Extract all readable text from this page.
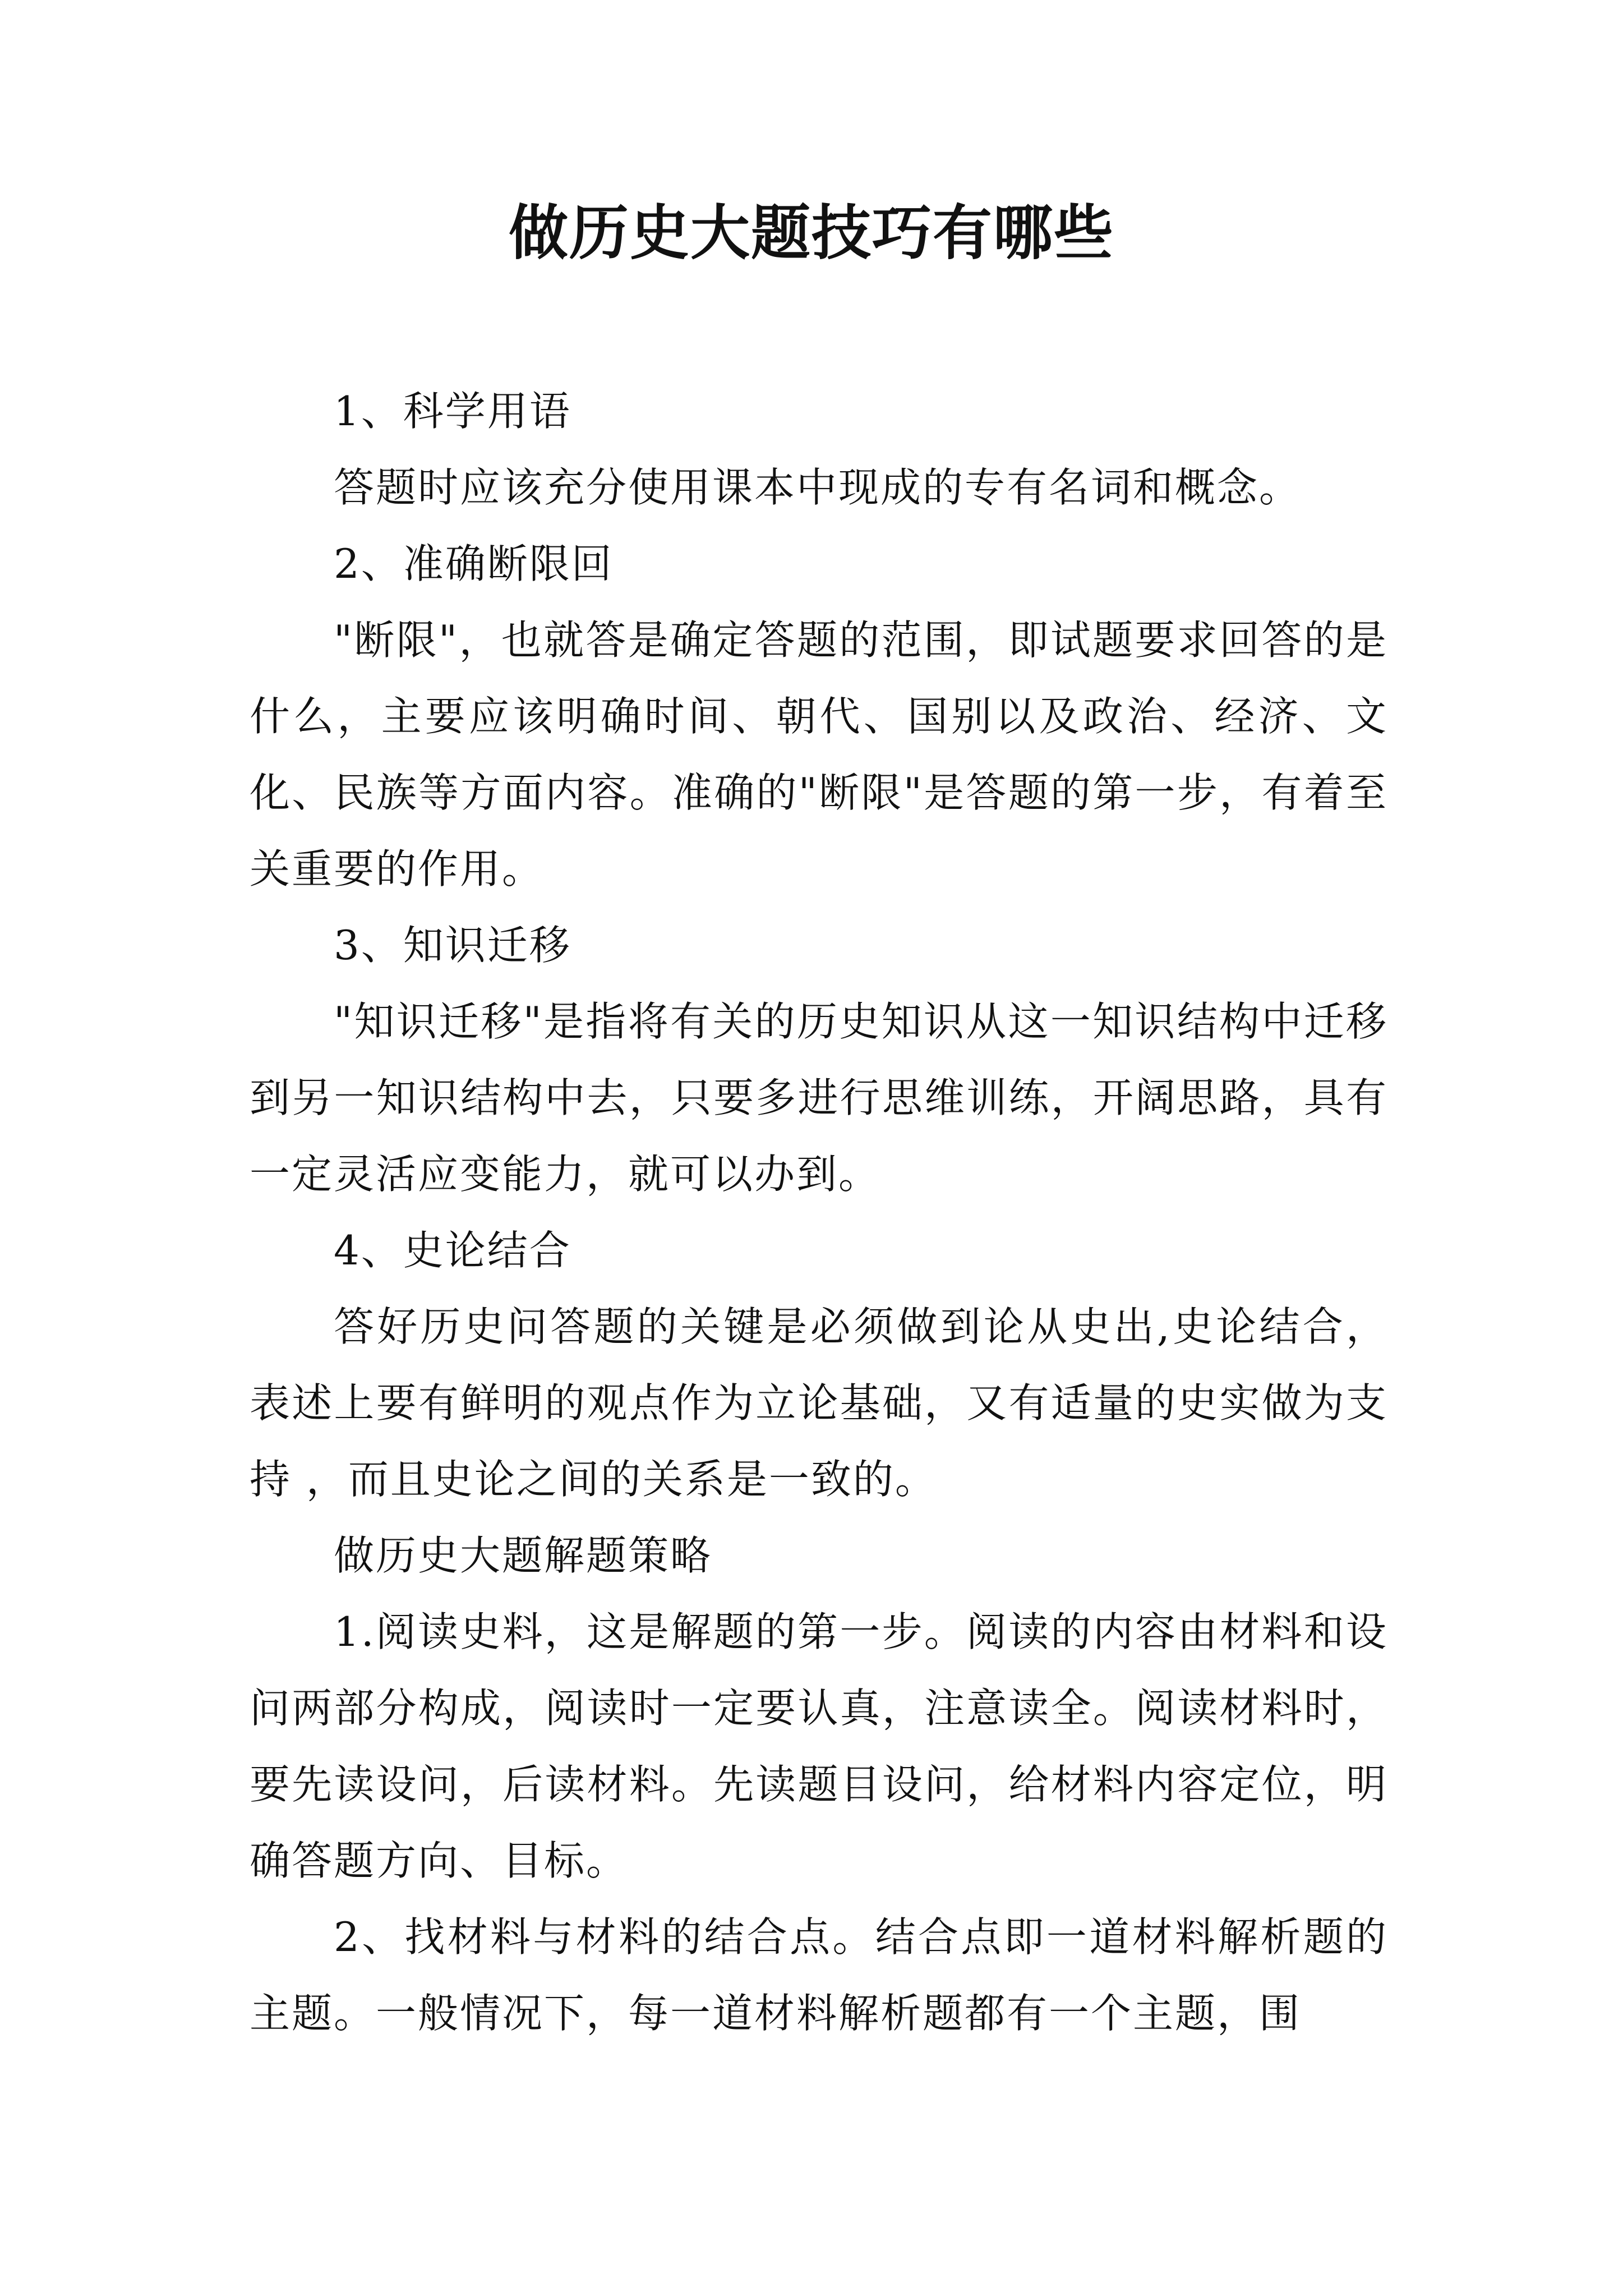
做历史大题技巧有哪些

1、科学用语

答题时应该充分使用课本中现成的专有名词和概念。

2、准确断限回

"断限"，也就答是确定答题的范围，即试题要求回答的是什么，主要应该明确时间、朝代、国别以及政治、经济、文化、民族等方面内容。准确的"断限"是答题的第一步，有着至关重要的作用。

3、知识迁移

"知识迁移"是指将有关的历史知识从这一知识结构中迁移到另一知识结构中去，只要多进行思维训练，开阔思路，具有一定灵活应变能力，就可以办到。

4、史论结合

答好历史问答题的关键是必须做到论从史出,史论结合，表述上要有鲜明的观点作为立论基础，又有适量的史实做为支持 ，而且史论之间的关系是一致的。

做历史大题解题策略

1.阅读史料，这是解题的第一步。阅读的内容由材料和设问两部分构成，阅读时一定要认真，注意读全。阅读材料时，要先读设问，后读材料。先读题目设问，给材料内容定位，明确答题方向、目标。

2、找材料与材料的结合点。结合点即一道材料解析题的主题。一般情况下，每一道材料解析题都有一个主题，围
